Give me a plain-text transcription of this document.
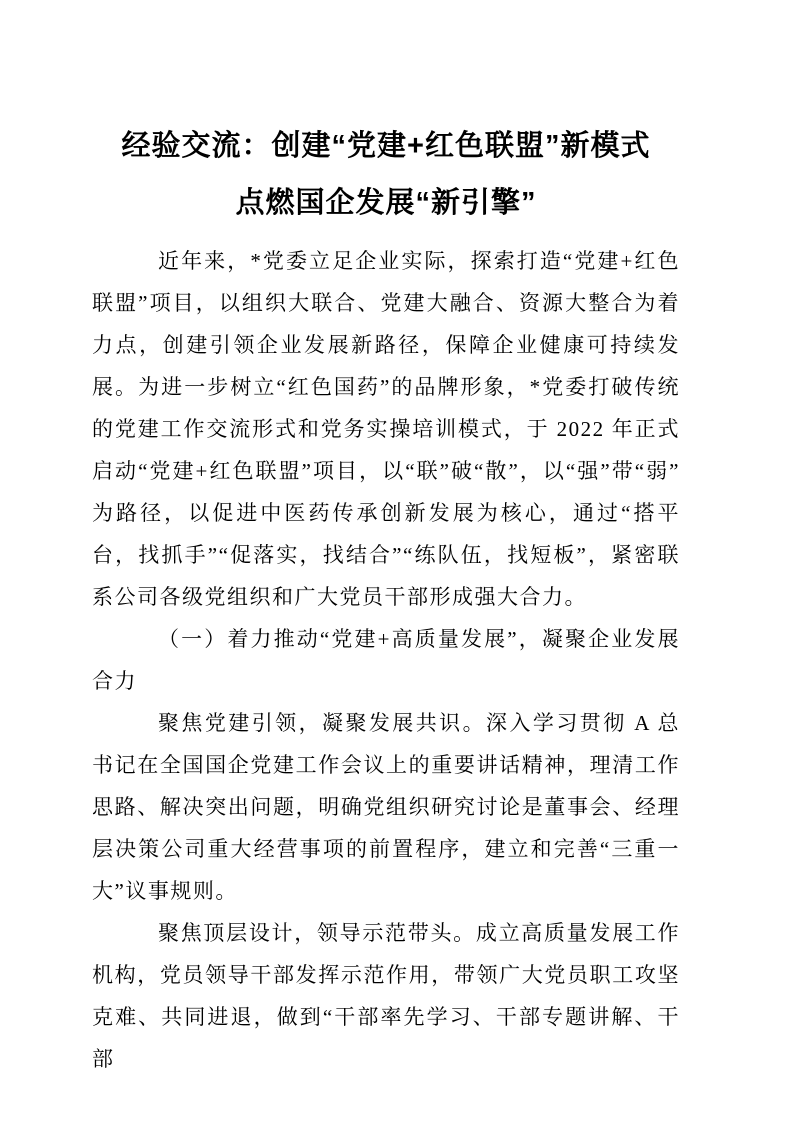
经验交流：创建“党建+红色联盟”新模式
点燃国企发展“新引擎”

近年来，*党委立足企业实际，探索打造“党建+红色联盟”项目，以组织大联合、党建大融合、资源大整合为着力点，创建引领企业发展新路径，保障企业健康可持续发展。为进一步树立“红色国药”的品牌形象，*党委打破传统的党建工作交流形式和党务实操培训模式，于 2022 年正式启动“党建+红色联盟”项目，以“联”破“散”，以“强”带“弱”为路径，以促进中医药传承创新发展为核心，通过“搭平台，找抓手”“促落实，找结合”“练队伍，找短板”，紧密联系公司各级党组织和广大党员干部形成强大合力。

（一）着力推动“党建+高质量发展”，凝聚企业发展合力

聚焦党建引领，凝聚发展共识。深入学习贯彻 A 总书记在全国国企党建工作会议上的重要讲话精神，理清工作思路、解决突出问题，明确党组织研究讨论是董事会、经理层决策公司重大经营事项的前置程序，建立和完善“三重一大”议事规则。

聚焦顶层设计，领导示范带头。成立高质量发展工作机构，党员领导干部发挥示范作用，带领广大党员职工攻坚克难、共同进退，做到“干部率先学习、干部专题讲解、干部
